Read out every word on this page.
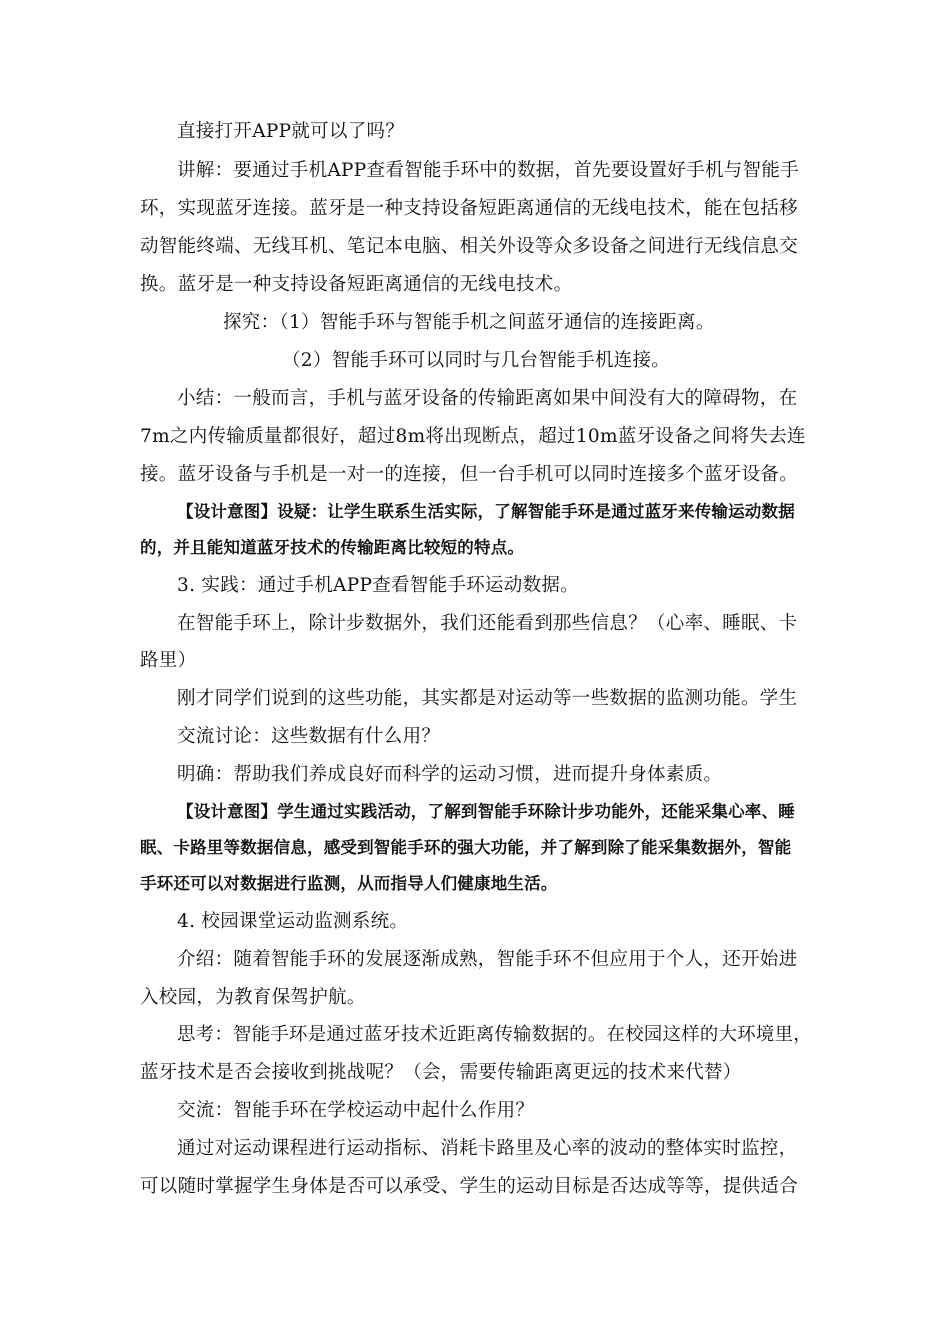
直接打开APP就可以了吗？
讲解：要通过手机APP查看智能手环中的数据，首先要设置好手机与智能手
环，实现蓝牙连接。蓝牙是一种支持设备短距离通信的无线电技术，能在包括移
动智能终端、无线耳机、笔记本电脑、相关外设等众多设备之间进行无线信息交
换。蓝牙是一种支持设备短距离通信的无线电技术。
探究：（1）智能手环与智能手机之间蓝牙通信的连接距离。
（2）智能手环可以同时与几台智能手机连接。
小结：一般而言，手机与蓝牙设备的传输距离如果中间没有大的障碍物，在
7m之内传输质量都很好，超过8m将出现断点，超过10m蓝牙设备之间将失去连
接。蓝牙设备与手机是一对一的连接，但一台手机可以同时连接多个蓝牙设备。
【设计意图】设疑：让学生联系生活实际，了解智能手环是通过蓝牙来传输运动数据
的，并且能知道蓝牙技术的传输距离比较短的特点。
3. 实践：通过手机APP查看智能手环运动数据。
在智能手环上，除计步数据外，我们还能看到那些信息？（心率、睡眠、卡
路里）
刚才同学们说到的这些功能，其实都是对运动等一些数据的监测功能。学生
交流讨论：这些数据有什么用？
明确：帮助我们养成良好而科学的运动习惯，进而提升身体素质。
【设计意图】学生通过实践活动，了解到智能手环除计步功能外，还能采集心率、睡
眠、卡路里等数据信息，感受到智能手环的强大功能，并了解到除了能采集数据外，智能
手环还可以对数据进行监测，从而指导人们健康地生活。
4. 校园课堂运动监测系统。
介绍：随着智能手环的发展逐渐成熟，智能手环不但应用于个人，还开始进
入校园，为教育保驾护航。
思考：智能手环是通过蓝牙技术近距离传输数据的。在校园这样的大环境里，
蓝牙技术是否会接收到挑战呢？（会，需要传输距离更远的技术来代替）
交流：智能手环在学校运动中起什么作用？
通过对运动课程进行运动指标、消耗卡路里及心率的波动的整体实时监控，
可以随时掌握学生身体是否可以承受、学生的运动目标是否达成等等，提供适合
